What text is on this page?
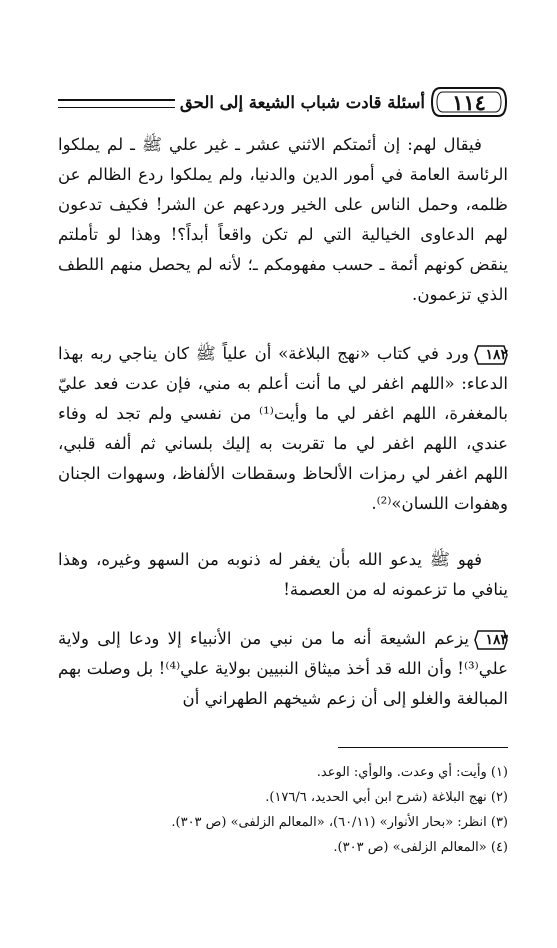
١١٤
أسئلة قادت شباب الشيعة إلى الحق

فيقال لهم: إن أئمتكم الاثني عشر ـ غير علي ﷺ ـ لم يملكوا الرئاسة العامة في أمور الدين والدنيا، ولم يملكوا ردع الظالم عن ظلمه، وحمل الناس على الخير وردعهم عن الشر! فكيف تدعون لهم الدعاوى الخيالية التي لم تكن واقعاً أبداً؟! وهذا لو تأملتم ينقض كونهم أئمة ـ حسب مفهومكم ـ؛ لأنه لم يحصل منهم اللطف الذي تزعمون.

١٨٢ورد في كتاب «نهج البلاغة» أن علياً ﷺ كان يناجي ربه بهذا الدعاء: «اللهم اغفر لي ما أنت أعلم به مني، فإن عدت فعد عليّ بالمغفرة، اللهم اغفر لي ما وأيت⁽¹⁾ من نفسي ولم تجد له وفاء عندي، اللهم اغفر لي ما تقربت به إليك بلساني ثم ألفه قلبي، اللهم اغفر لي رمزات الألحاظ وسقطات الألفاظ، وسهوات الجنان وهفوات اللسان»⁽²⁾.

فهو ﷺ يدعو الله بأن يغفر له ذنوبه من السهو وغيره، وهذا ينافي ما تزعمونه له من العصمة!

١٨٣يزعم الشيعة أنه ما من نبي من الأنبياء إلا ودعا إلى ولاية علي⁽³⁾! وأن الله قد أخذ ميثاق النبيين بولاية علي⁽⁴⁾! بل وصلت بهم المبالغة والغلو إلى أن زعم شيخهم الطهراني أن

(١) وأيت: أي وعدت. والوأي: الوعد.

(٢) نهج البلاغة (شرح ابن أبي الحديد، ١٧٦/٦).

(٣) انظر: «بحار الأنوار» (٦٠/١١)، «المعالم الزلفى» (ص ٣٠٣).

(٤) «المعالم الزلفى» (ص ٣٠٣).
